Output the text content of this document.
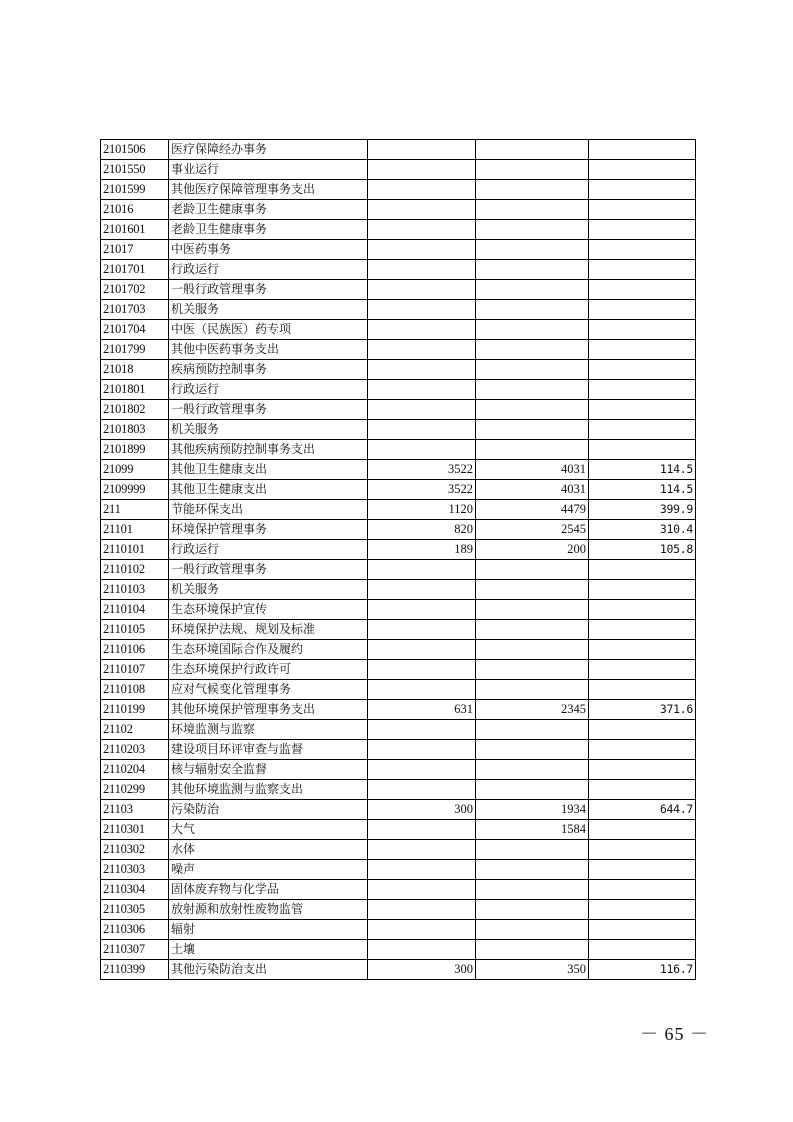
2101506	医疗保障经办事务			
2101550	事业运行			
2101599	其他医疗保障管理事务支出			
21016	老龄卫生健康事务			
2101601	老龄卫生健康事务			
21017	中医药事务			
2101701	行政运行			
2101702	一般行政管理事务			
2101703	机关服务			
2101704	中医（民族医）药专项			
2101799	其他中医药事务支出			
21018	疾病预防控制事务			
2101801	行政运行			
2101802	一般行政管理事务			
2101803	机关服务			
2101899	其他疾病预防控制事务支出			
21099	其他卫生健康支出	3522	4031	114.5
2109999	其他卫生健康支出	3522	4031	114.5
211	节能环保支出	1120	4479	399.9
21101	环境保护管理事务	820	2545	310.4
2110101	行政运行	189	200	105.8
2110102	一般行政管理事务			
2110103	机关服务			
2110104	生态环境保护宣传			
2110105	环境保护法规、规划及标准			
2110106	生态环境国际合作及履约			
2110107	生态环境保护行政许可			
2110108	应对气候变化管理事务			
2110199	其他环境保护管理事务支出	631	2345	371.6
21102	环境监测与监察			
2110203	建设项目环评审查与监督			
2110204	核与辐射安全监督			
2110299	其他环境监测与监察支出			
21103	污染防治	300	1934	644.7
2110301	大气		1584	
2110302	水体			
2110303	噪声			
2110304	固体废弃物与化学品			
2110305	放射源和放射性废物监管			
2110306	辐射			
2110307	土壤			
2110399	其他污染防治支出	300	350	116.7
－ 65 －
